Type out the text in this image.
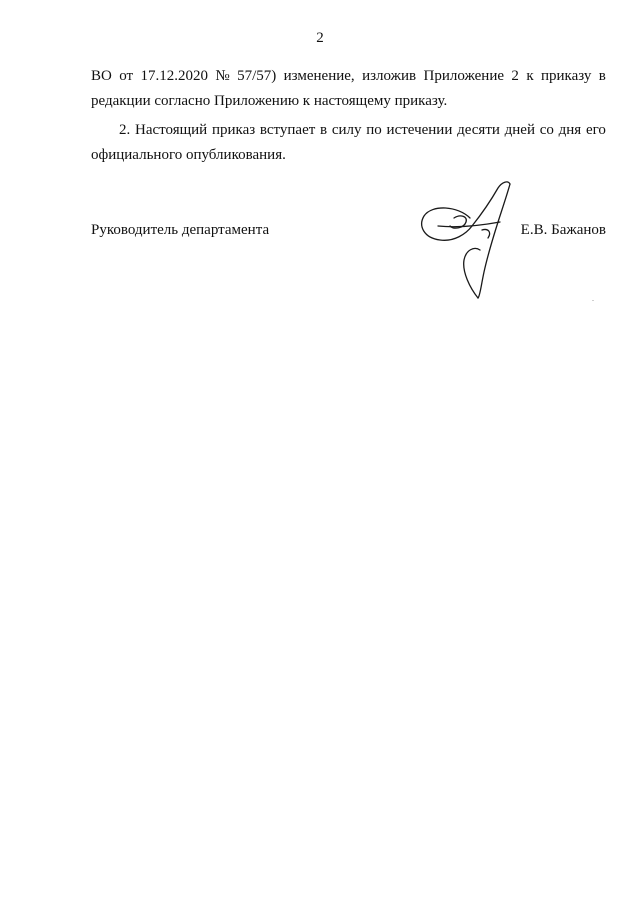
2
ВО от 17.12.2020 № 57/57) изменение, изложив Приложение 2 к приказу в
редакции согласно Приложению к настоящему приказу.
2. Настоящий приказ вступает в силу по истечении десяти дней со дня его
официального опубликования.
Руководитель департамента	Е.В. Бажанов
